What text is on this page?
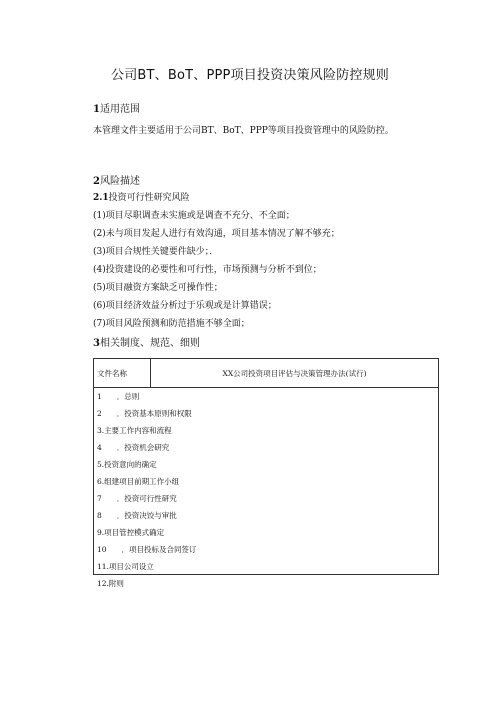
公司BT、BoT、PPP项目投资决策风险防控规则
1适用范围
本管理文件主要适用于公司BT、BoT、PPP等项目投资管理中的风险防控。
2风险描述
2.1投资可行性研究风险
(1)项目尽职调查未实施或是调查不充分、不全面；
(2)未与项目发起人进行有效沟通，项目基本情况了解不够充；
(3)项目合规性关键要件缺少；．
(4)投资建设的必要性和可行性，市场预测与分析不到位；
(5)项目融资方案缺乏可操作性；
(6)项目经济效益分析过于乐观或是计算错误；
(7)项目风险预测和防范措施不够全面；
3相关制度、规范、细则
文件名称	XX公司投资项目评估与决策管理办法(试行)

1　　．总则
2　　．投资基本原则和权限
3.主要工作内容和流程
4　　．投资机会研究
5.投资意向的确定
6.组建项目前期工作小组
7　　．投资可行性研究
8　　．投资决饺与审批
9.项目管控模式确定
10　　．项目投标及合同签订
11.项目公司设立
12.附则
